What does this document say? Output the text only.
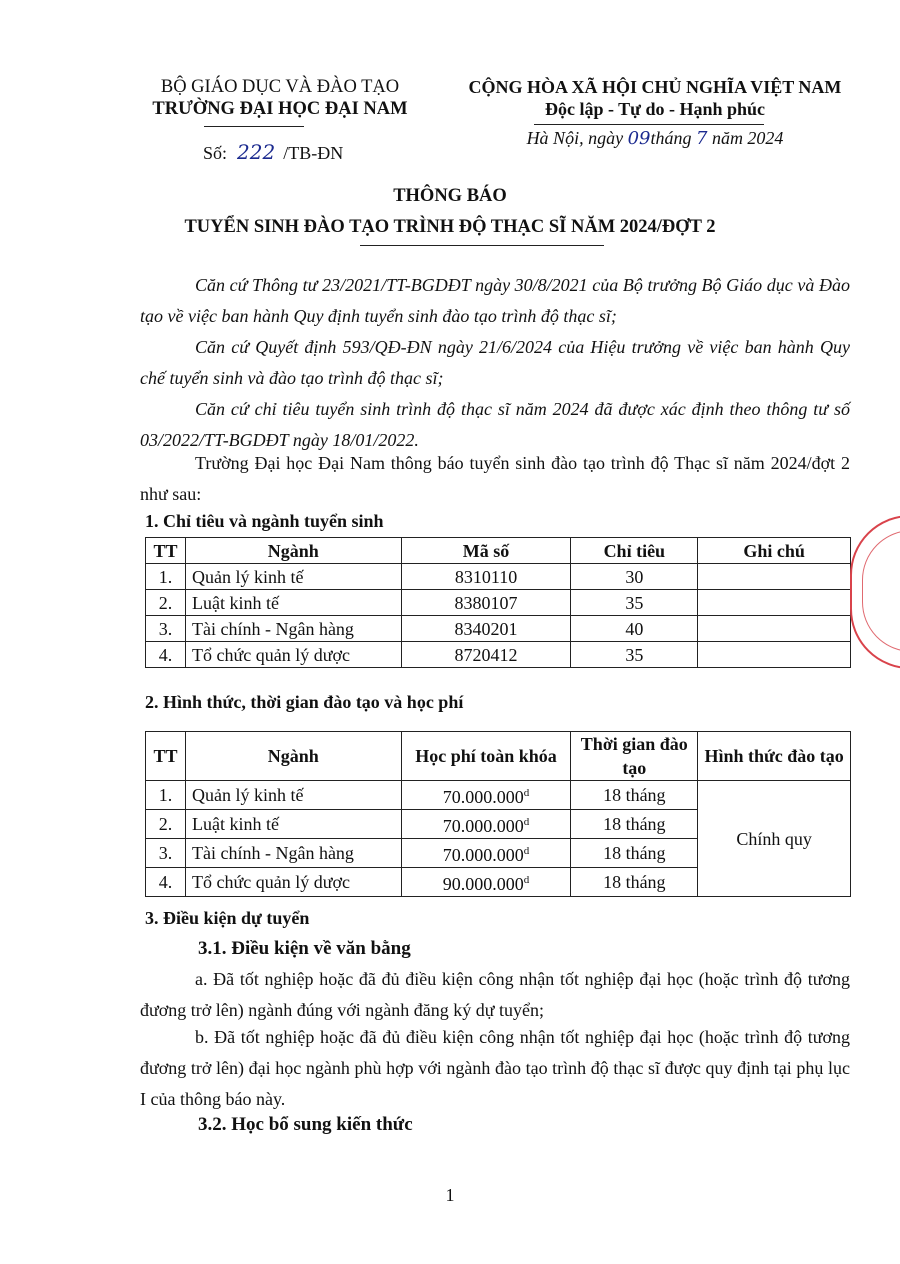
BỘ GIÁO DỤC VÀ ĐÀO TẠO
TRƯỜNG ĐẠI HỌC ĐẠI NAM
Số: 222 /TB-ĐN
CỘNG HÒA XÃ HỘI CHỦ NGHĨA VIỆT NAM
Độc lập - Tự do - Hạnh phúc
Hà Nội, ngày 09tháng 7 năm 2024
THÔNG BÁO
TUYỂN SINH ĐÀO TẠO TRÌNH ĐỘ THẠC SĨ NĂM 2024/ĐỢT 2

Căn cứ Thông tư 23/2021/TT-BGDĐT ngày 30/8/2021 của Bộ trưởng Bộ Giáo dục và Đào tạo về việc ban hành Quy định tuyển sinh đào tạo trình độ thạc sĩ;

Căn cứ Quyết định 593/QĐ-ĐN ngày 21/6/2024 của Hiệu trưởng về việc ban hành Quy chế tuyển sinh và đào tạo trình độ thạc sĩ;

Căn cứ chỉ tiêu tuyển sinh trình độ thạc sĩ năm 2024 đã được xác định theo thông tư số 03/2022/TT-BGDĐT ngày 18/01/2022.

Trường Đại học Đại Nam thông báo tuyển sinh đào tạo trình độ Thạc sĩ năm 2024/đợt 2 như sau:

1. Chỉ tiêu và ngành tuyển sinh
TT	Ngành	Mã số	Chỉ tiêu	Ghi chú
1.	Quản lý kinh tế	8310110	30	
2.	Luật kinh tế	8380107	35	
3.	Tài chính - Ngân hàng	8340201	40	
4.	Tổ chức quản lý dược	8720412	35	
2. Hình thức, thời gian đào tạo và học phí
TT	Ngành	Học phí toàn khóa	Thời gian đào tạo	Hình thức đào tạo
1.	Quản lý kinh tế	70.000.000$^d$	18 tháng	Chính quy
2.	Luật kinh tế	70.000.000$^d$	18 tháng	
3.	Tài chính - Ngân hàng	70.000.000$^d$	18 tháng	
4.	Tổ chức quản lý dược	90.000.000$^d$	18 tháng	
3. Điều kiện dự tuyển
3.1. Điều kiện về văn bằng

a. Đã tốt nghiệp hoặc đã đủ điều kiện công nhận tốt nghiệp đại học (hoặc trình độ tương đương trở lên) ngành đúng với ngành đăng ký dự tuyển;

b. Đã tốt nghiệp hoặc đã đủ điều kiện công nhận tốt nghiệp đại học (hoặc trình độ tương đương trở lên) đại học ngành phù hợp với ngành đào tạo trình độ thạc sĩ được quy định tại phụ lục I của thông báo này.

3.2. Học bổ sung kiến thức
1
